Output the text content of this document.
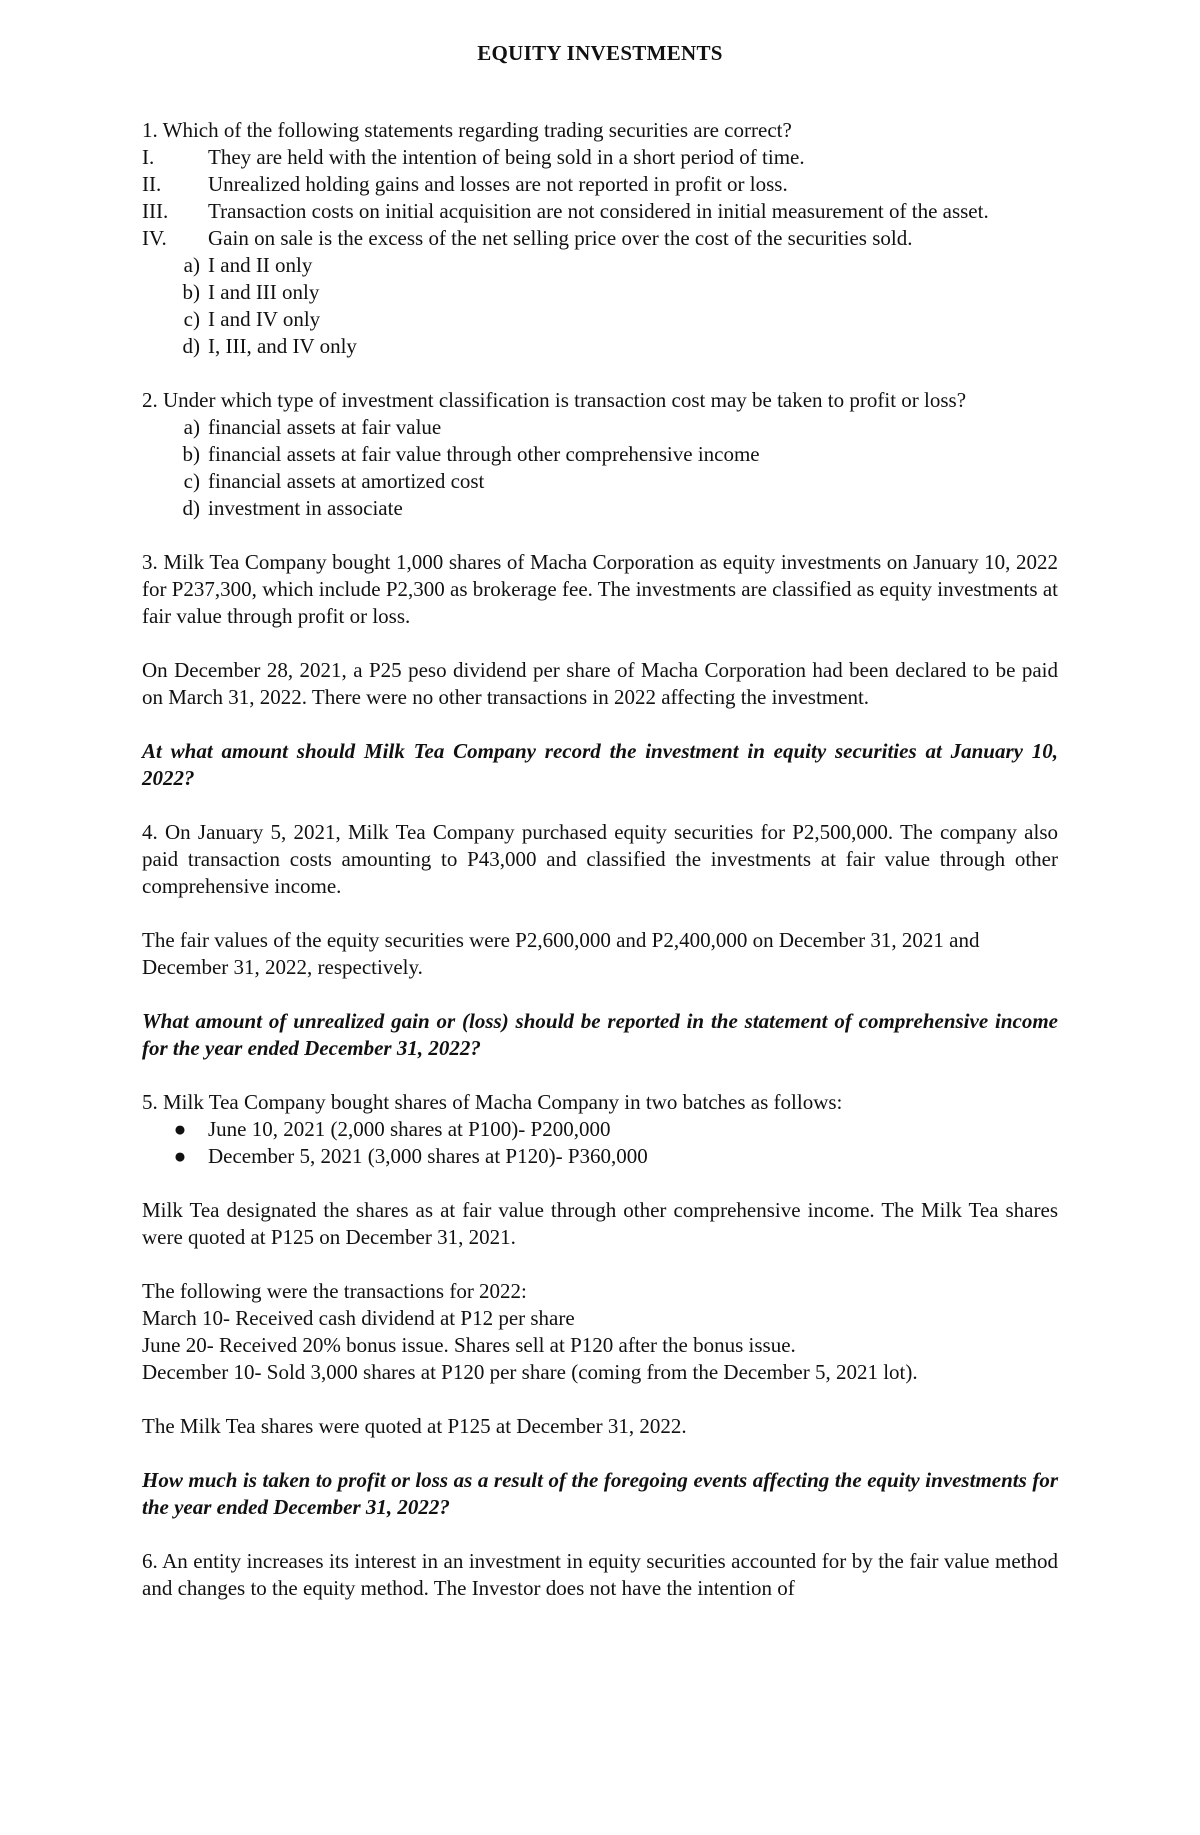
EQUITY INVESTMENTS

1. Which of the following statements regarding trading securities are correct?

I.	They are held with the intention of being sold in a short period of time.
II.	Unrealized holding gains and losses are not reported in profit or loss.
III.	Transaction costs on initial acquisition are not considered in initial measurement of the asset.
IV.	Gain on sale is the excess of the net selling price over the cost of the securities sold.
a) I and II only
b) I and III only
c) I and IV only
d) I, III, and IV only

2. Under which type of investment classification is transaction cost may be taken to profit or loss?

a) financial assets at fair value
b) financial assets at fair value through other comprehensive income
c) financial assets at amortized cost
d) investment in associate

3. Milk Tea Company bought 1,000 shares of Macha Corporation as equity investments on January 10, 2022 for P237,300, which include P2,300 as brokerage fee. The investments are classified as equity investments at fair value through profit or loss.

On December 28, 2021, a P25 peso dividend per share of Macha Corporation had been declared to be paid on March 31, 2022. There were no other transactions in 2022 affecting the investment.

At what amount should Milk Tea Company record the investment in equity securities at January 10, 2022?

4. On January 5, 2021, Milk Tea Company purchased equity securities for P2,500,000. The company also paid transaction costs amounting to P43,000 and classified the investments at fair value through other comprehensive income.

The fair values of the equity securities were P2,600,000 and P2,400,000 on December 31, 2021 and December 31, 2022, respectively.

What amount of unrealized gain or (loss) should be reported in the statement of comprehensive income for the year ended December 31, 2022?

5. Milk Tea Company bought shares of Macha Company in two batches as follows:

●	June 10, 2021 (2,000 shares at P100)- P200,000
●	December 5, 2021 (3,000 shares at P120)- P360,000

Milk Tea designated the shares as at fair value through other comprehensive income. The Milk Tea shares were quoted at P125 on December 31, 2021.

The following were the transactions for 2022:

March 10- Received cash dividend at P12 per share

June 20- Received 20% bonus issue. Shares sell at P120 after the bonus issue.

December 10- Sold 3,000 shares at P120 per share (coming from the December 5, 2021 lot).

The Milk Tea shares were quoted at P125 at December 31, 2022.

How much is taken to profit or loss as a result of the foregoing events affecting the equity investments for the year ended December 31, 2022?

6. An entity increases its interest in an investment in equity securities accounted for by the fair value method and changes to the equity method. The Investor does not have the intention of
